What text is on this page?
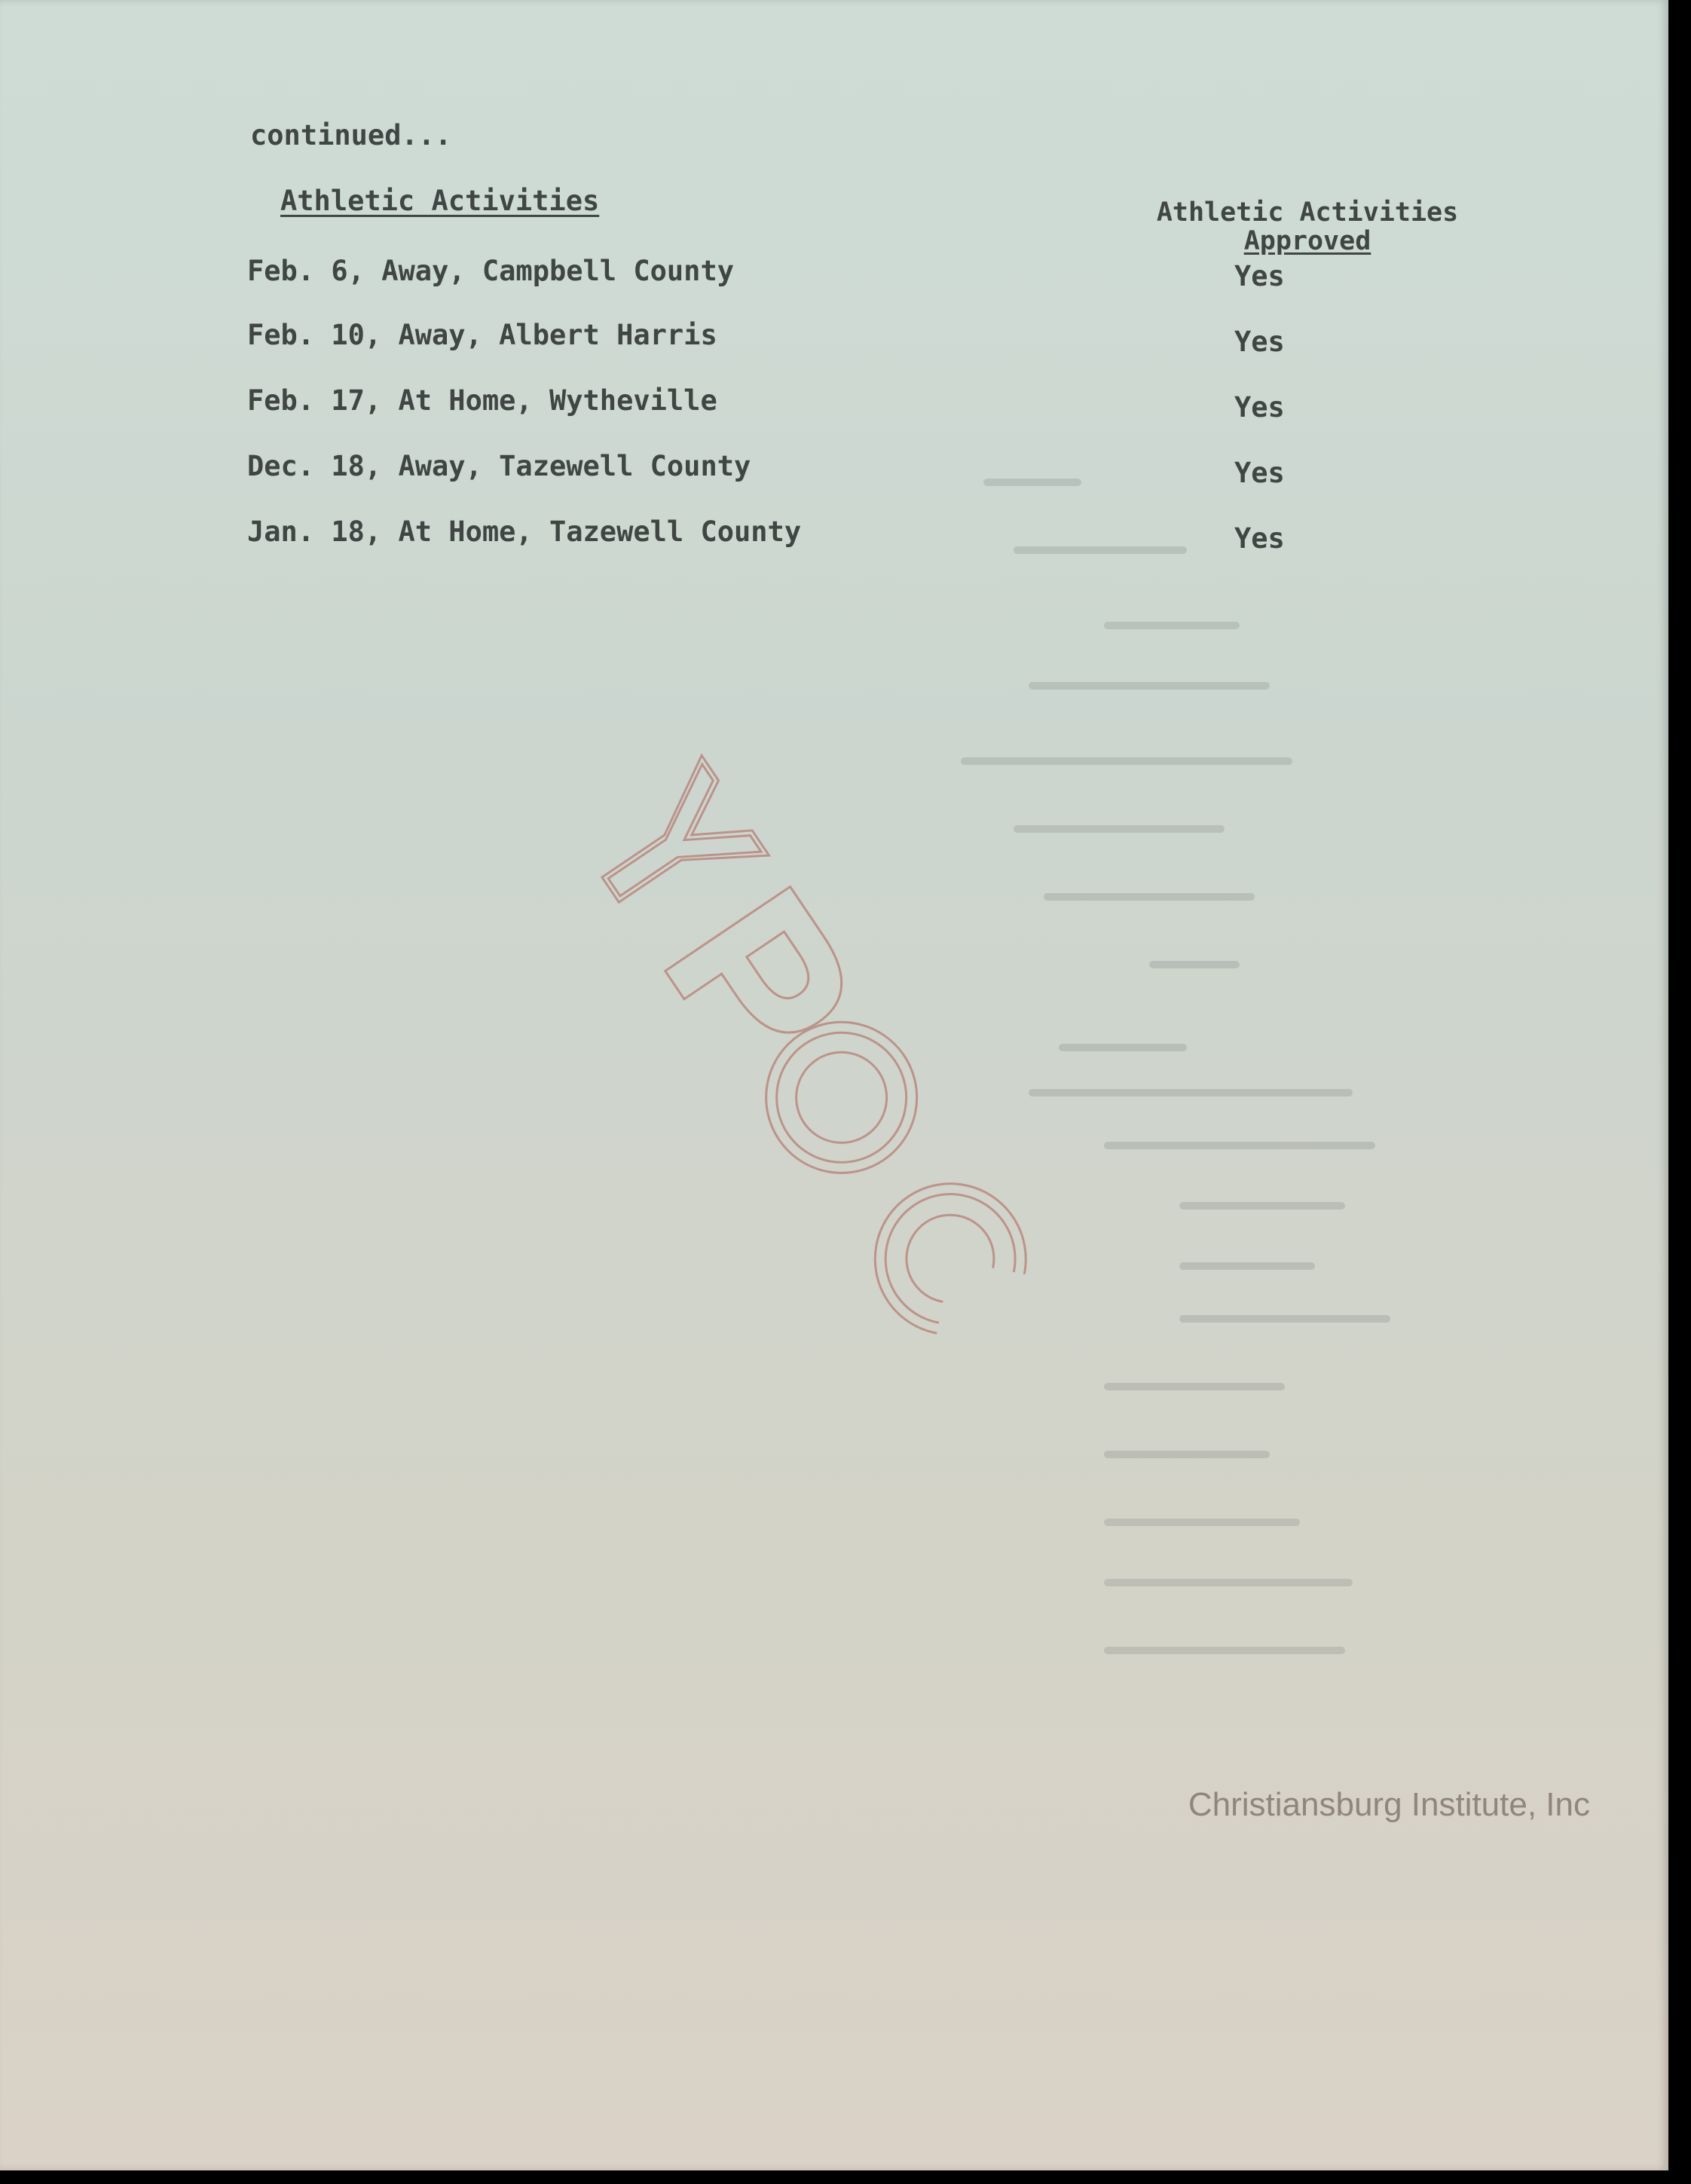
continued...
Athletic Activities	Athletic Activities
Approved
Feb. 6, Away, Campbell County	Yes
Feb. 10, Away, Albert Harris	Yes
Feb. 17, At Home, Wytheville	Yes
Dec. 18, Away, Tazewell County	Yes
Jan. 18, At Home, Tazewell County	Yes
Christiansburg Institute, Inc
